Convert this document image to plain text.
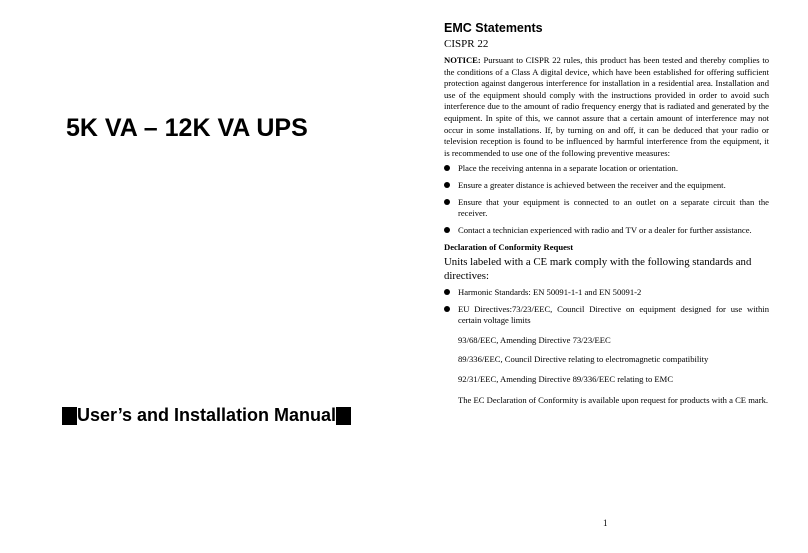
5K VA – 12K VA UPS
User’s and Installation Manual
EMC Statements
CISPR 22

NOTICE: Pursuant to CISPR 22 rules, this product has been tested and thereby complies to the conditions of a Class A digital device, which have been established for offering sufficient protection against dangerous interference for installation in a residential area. Installation and use of the equipment should comply with the instructions provided in order to avoid such interference due to the amount of radio frequency energy that is radiated and generated by the equipment. In spite of this, we cannot assure that a certain amount of interference may not occur in some installations. If, by turning on and off, it can be deduced that your radio or television reception is found to be influenced by harmful interference from the equipment, it is recommended to use one of the following preventive measures:

Place the receiving antenna in a separate location or orientation.
Ensure a greater distance is achieved between the receiver and the equipment.
Ensure that your equipment is connected to an outlet on a separate circuit than the receiver.
Contact a technician experienced with radio and TV or a dealer for further assistance.
Declaration of Conformity Request
Units labeled with a CE mark comply with the following standards and directives:
Harmonic Standards: EN 50091-1-1 and EN 50091-2
EU Directives:73/23/EEC, Council Directive on equipment designed for use within certain voltage limits
93/68/EEC, Amending Directive 73/23/EEC
89/336/EEC, Council Directive relating to electromagnetic compatibility
92/31/EEC, Amending Directive 89/336/EEC relating to EMC
The EC Declaration of Conformity is available upon request for products with a CE mark.
1
